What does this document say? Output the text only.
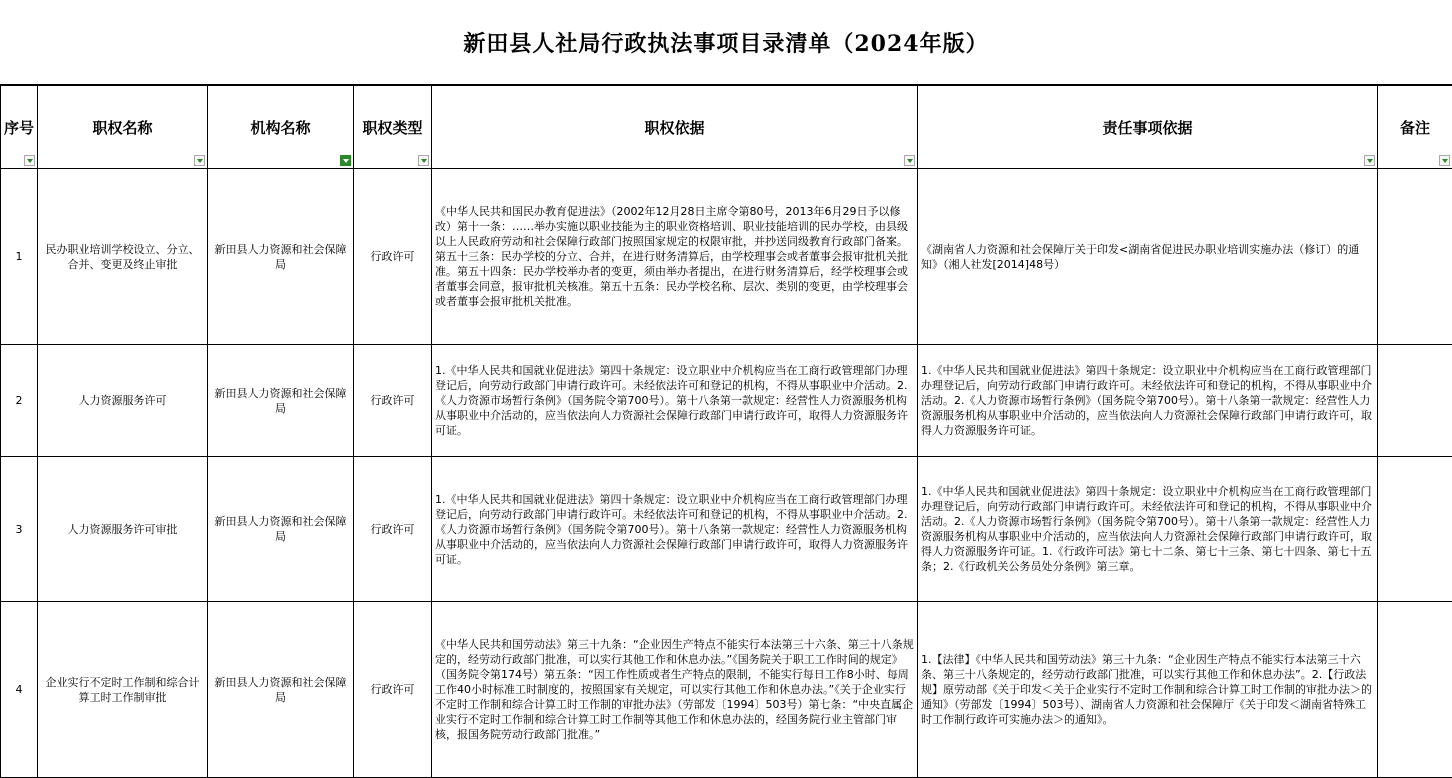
新田县人社局行政执法事项目录清单（2024年版）
序号	职权名称	机构名称	职权类型	职权依据	责任事项依据	备注

1	民办职业培训学校设立、分立、合并、变更及终止审批	新田县人力资源和社会保障局	行政许可	《中华人民共和国民办教育促进法》（2002年12月28日主席令第80号，2013年6月29日予以修改）第十一条：……举办实施以职业技能为主的职业资格培训、职业技能培训的民办学校，由县级以上人民政府劳动和社会保障行政部门按照国家规定的权限审批，并抄送同级教育行政部门备案。第五十三条：民办学校的分立、合并，在进行财务清算后，由学校理事会或者董事会报审批机关批准。第五十四条：民办学校举办者的变更，须由举办者提出，在进行财务清算后，经学校理事会或者董事会同意，报审批机关核准。第五十五条：民办学校名称、层次、类别的变更，由学校理事会或者董事会报审批机关批准。	《湖南省人力资源和社会保障厅关于印发<湖南省促进民办职业培训实施办法（修订）的通知》（湘人社发[2014]48号）	
2	人力资源服务许可	新田县人力资源和社会保障局	行政许可	1.《中华人民共和国就业促进法》第四十条规定：设立职业中介机构应当在工商行政管理部门办理登记后，向劳动行政部门申请行政许可。未经依法许可和登记的机构，不得从事职业中介活动。2.《人力资源市场暂行条例》（国务院令第700号）。第十八条第一款规定：经营性人力资源服务机构从事职业中介活动的，应当依法向人力资源社会保障行政部门申请行政许可，取得人力资源服务许可证。	1.《中华人民共和国就业促进法》第四十条规定：设立职业中介机构应当在工商行政管理部门办理登记后，向劳动行政部门申请行政许可。未经依法许可和登记的机构，不得从事职业中介活动。2.《人力资源市场暂行条例》（国务院令第700号）。第十八条第一款规定：经营性人力资源服务机构从事职业中介活动的，应当依法向人力资源社会保障行政部门申请行政许可，取得人力资源服务许可证。	
3	人力资源服务许可审批	新田县人力资源和社会保障局	行政许可	1.《中华人民共和国就业促进法》第四十条规定：设立职业中介机构应当在工商行政管理部门办理登记后，向劳动行政部门申请行政许可。未经依法许可和登记的机构，不得从事职业中介活动。2.《人力资源市场暂行条例》（国务院令第700号）。第十八条第一款规定：经营性人力资源服务机构从事职业中介活动的，应当依法向人力资源社会保障行政部门申请行政许可，取得人力资源服务许可证。	1.《中华人民共和国就业促进法》第四十条规定：设立职业中介机构应当在工商行政管理部门办理登记后，向劳动行政部门申请行政许可。未经依法许可和登记的机构，不得从事职业中介活动。2.《人力资源市场暂行条例》（国务院令第700号）。第十八条第一款规定：经营性人力资源服务机构从事职业中介活动的，应当依法向人力资源社会保障行政部门申请行政许可，取得人力资源服务许可证。1.《行政许可法》第七十二条、第七十三条、第七十四条、第七十五条；2.《行政机关公务员处分条例》第三章。	
4	企业实行不定时工作制和综合计算工时工作制审批	新田县人力资源和社会保障局	行政许可	《中华人民共和国劳动法》第三十九条：“企业因生产特点不能实行本法第三十六条、第三十八条规定的，经劳动行政部门批准，可以实行其他工作和休息办法。”《国务院关于职工工作时间的规定》（国务院令第174号）第五条：“因工作性质或者生产特点的限制，不能实行每日工作8小时、每周工作40小时标准工时制度的，按照国家有关规定，可以实行其他工作和休息办法。”《关于企业实行不定时工作制和综合计算工时工作制的审批办法》（劳部发〔1994〕503号）第七条：“中央直属企业实行不定时工作制和综合计算工时工作制等其他工作和休息办法的，经国务院行业主管部门审核，报国务院劳动行政部门批准。”	1.【法律】《中华人民共和国劳动法》第三十九条：“企业因生产特点不能实行本法第三十六条、第三十八条规定的，经劳动行政部门批准，可以实行其他工作和休息办法”。2.【行政法规】原劳动部《关于印发＜关于企业实行不定时工作制和综合计算工时工作制的审批办法＞的通知》（劳部发〔1994〕503号）、湖南省人力资源和社会保障厅《关于印发＜湖南省特殊工时工作制行政许可实施办法＞的通知》。	
